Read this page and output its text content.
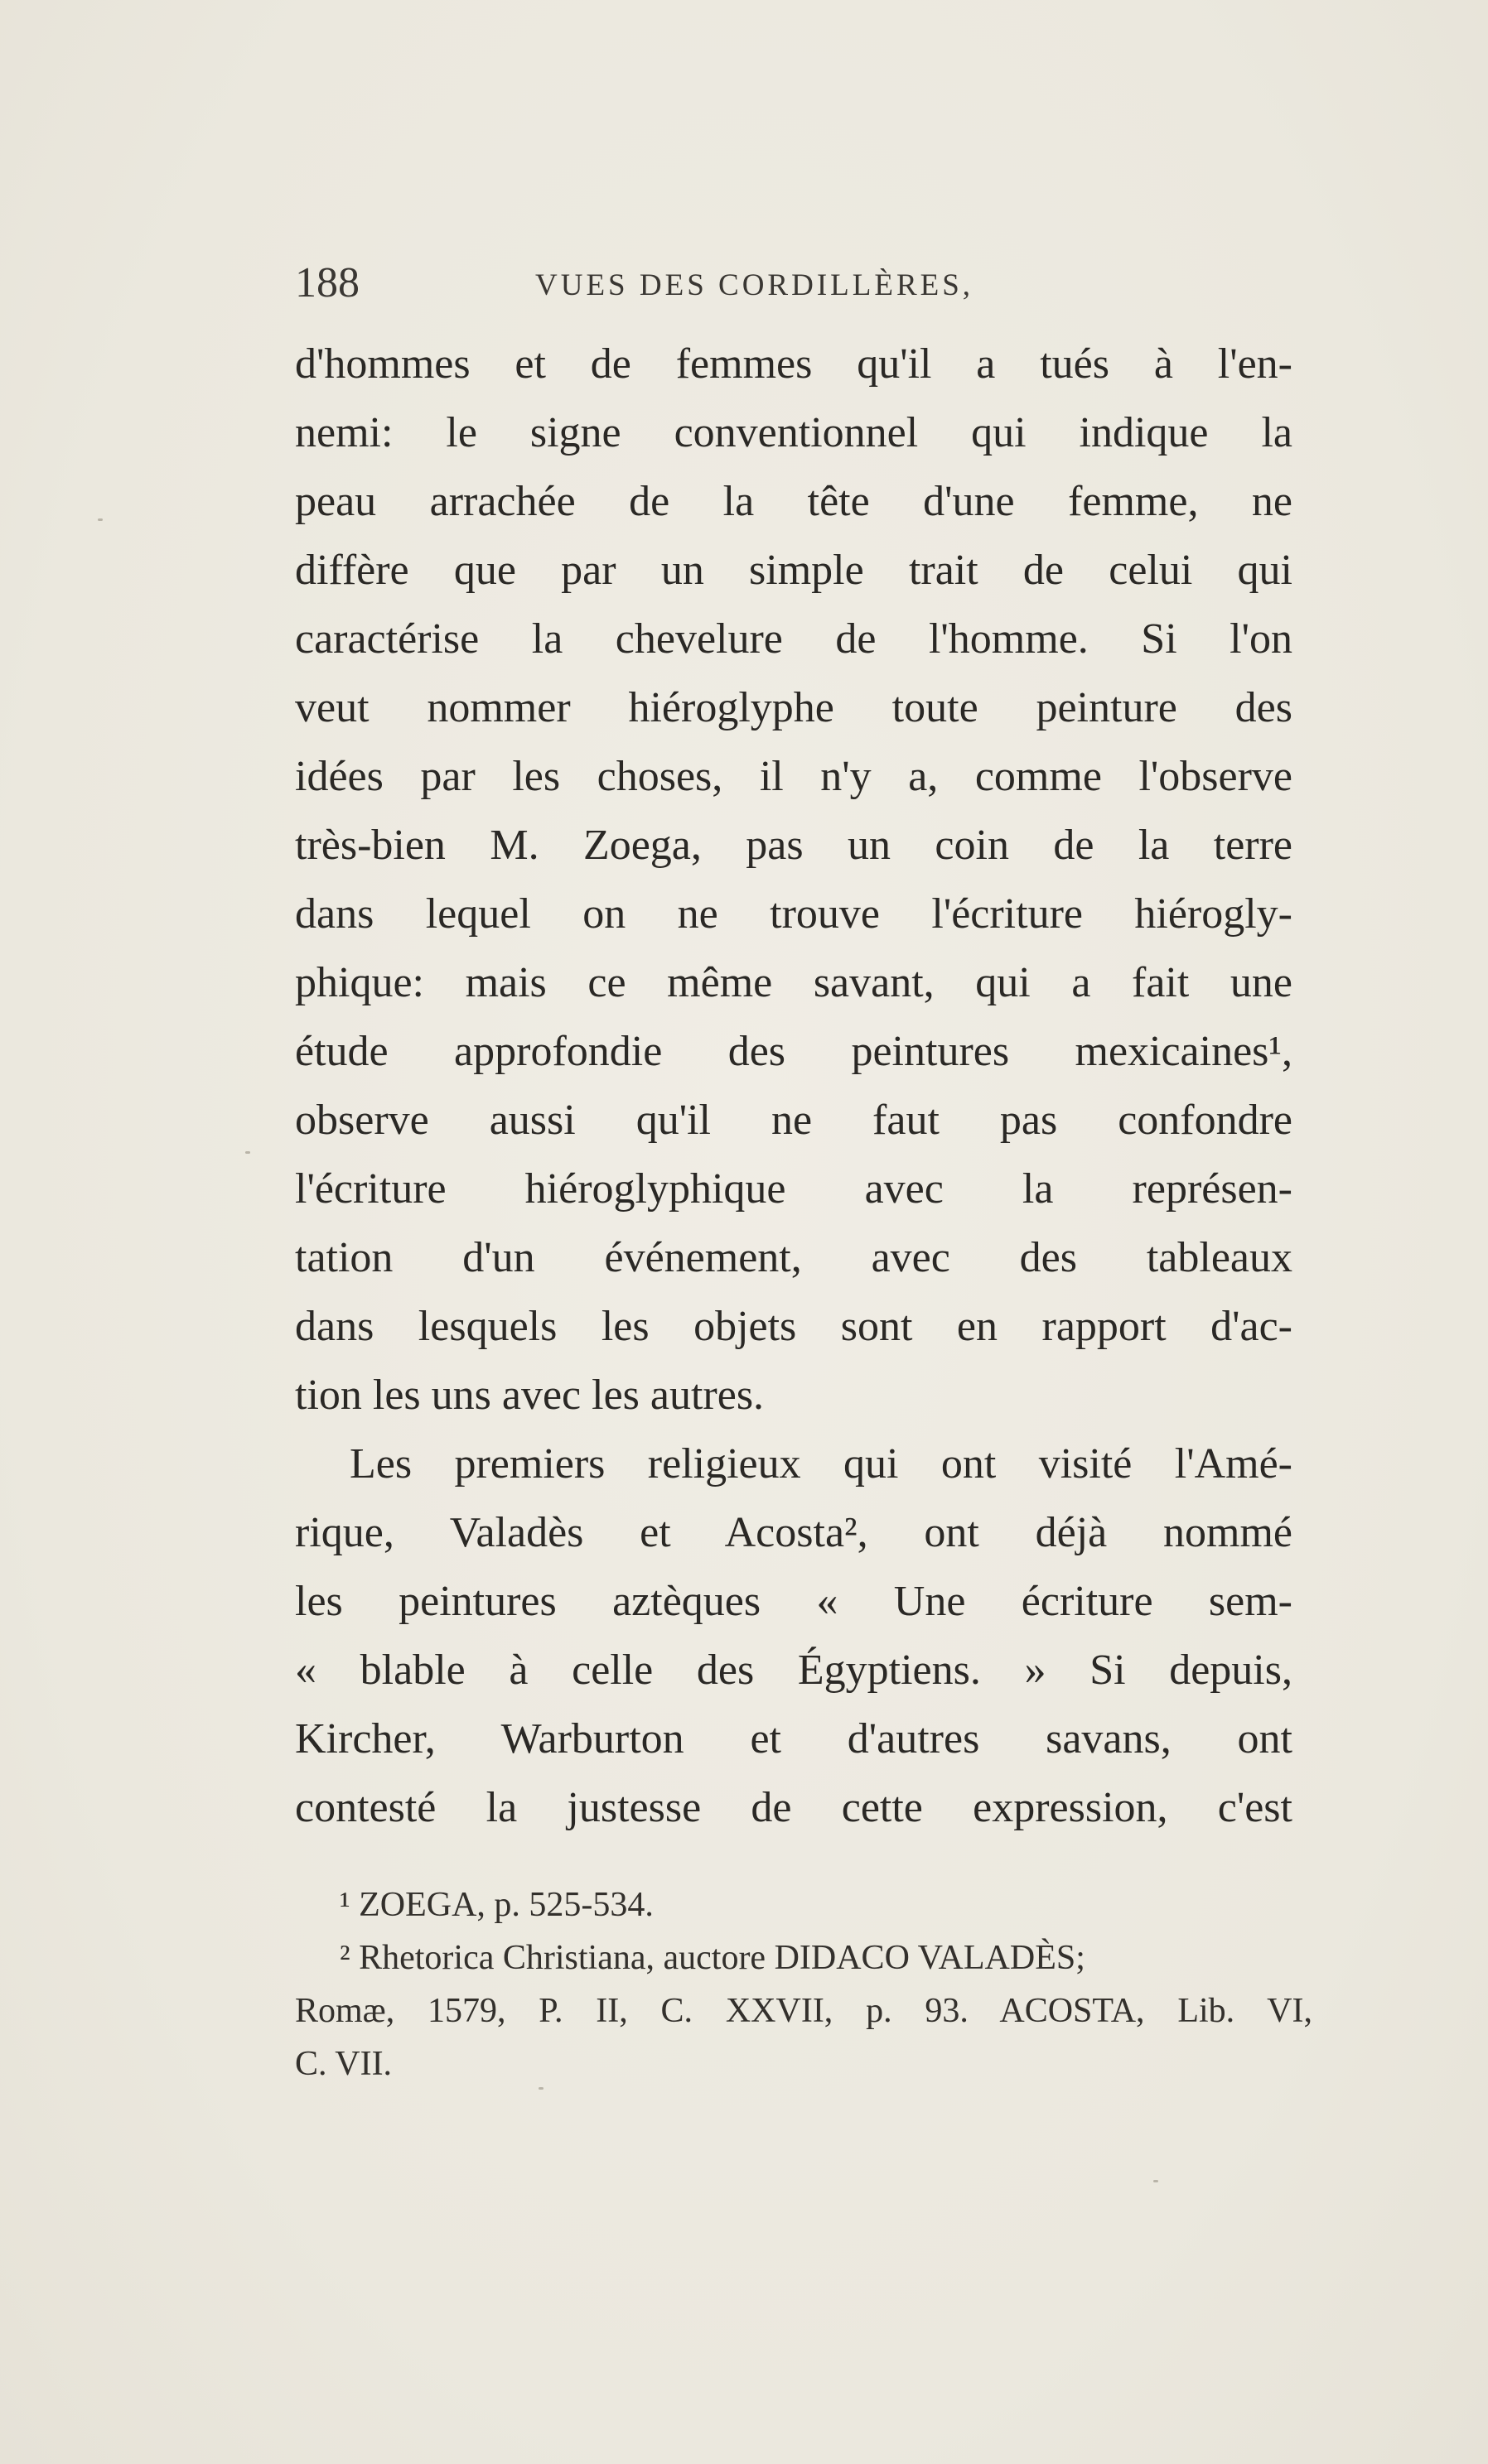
188	VUES DES CORDILLÈRES,
d'hommes et de femmes qu'il a tués à l'en-
nemi: le signe conventionnel qui indique la
peau arrachée de la tête d'une femme, ne
diffère que par un simple trait de celui qui
caractérise la chevelure de l'homme. Si l'on
veut nommer hiéroglyphe toute peinture des
idées par les choses, il n'y a, comme l'observe
très-bien M. Zoega, pas un coin de la terre
dans lequel on ne trouve l'écriture hiérogly-
phique: mais ce même savant, qui a fait une
étude approfondie des peintures mexicaines¹,
observe aussi qu'il ne faut pas confondre
l'écriture hiéroglyphique avec la représen-
tation d'un événement, avec des tableaux
dans lesquels les objets sont en rapport d'ac-
tion les uns avec les autres.
Les premiers religieux qui ont visité l'Amé-
rique, Valadès et Acosta², ont déjà nommé
les peintures aztèques « Une écriture sem-
« blable à celle des Égyptiens. » Si depuis,
Kircher, Warburton et d'autres savans, ont
contesté la justesse de cette expression, c'est
¹ ZOEGA, p. 525-534.
² Rhetorica Christiana, auctore DIDACO VALADÈS;
Romæ, 1579, P. II, C. XXVII, p. 93. ACOSTA, Lib. VI,
C. VII.
